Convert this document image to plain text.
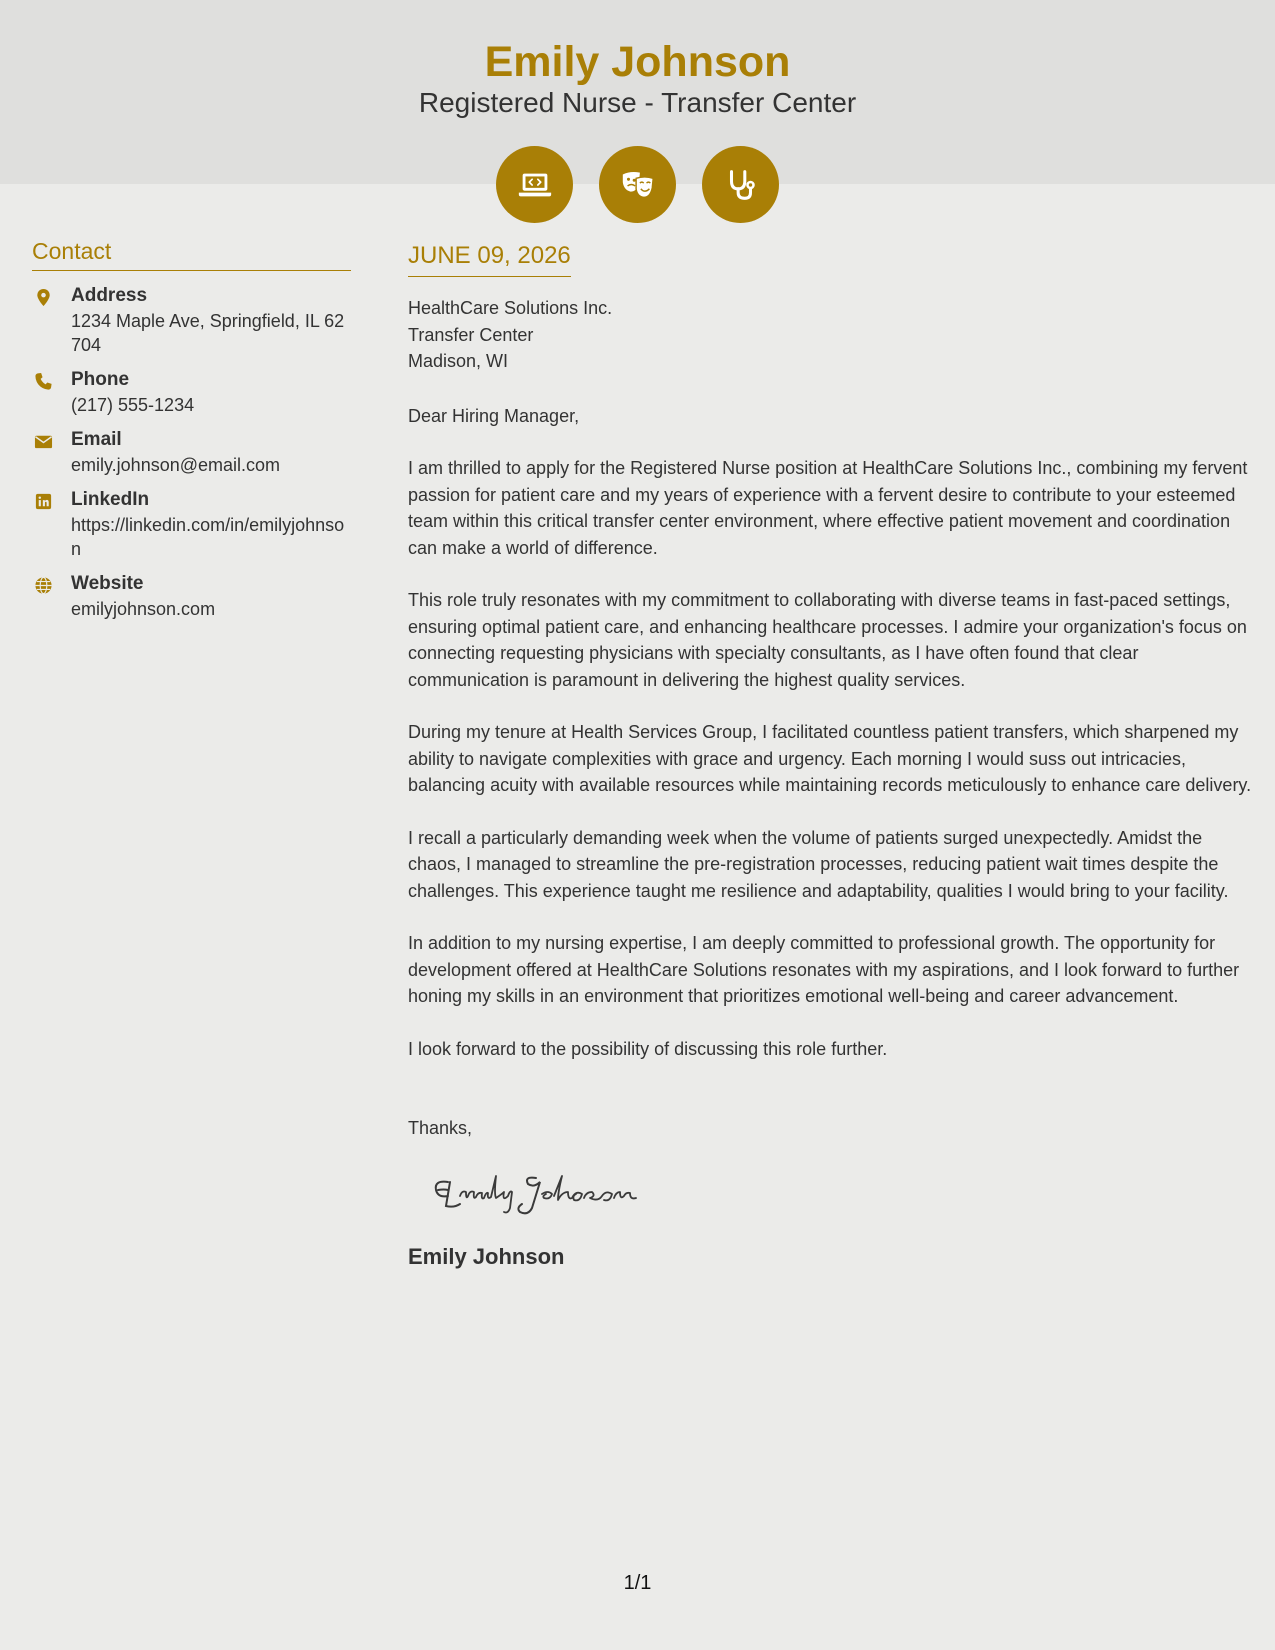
Emily Johnson
Registered Nurse - Transfer Center
Contact
Address
1234 Maple Ave, Springfield, IL 62704
Phone
(217) 555-1234
Email
emily.johnson@email.com
LinkedIn
https://linkedin.com/in/emilyjohnson
Website
emilyjohnson.com
JUNE 09, 2026
HealthCare Solutions Inc.
Transfer Center
Madison, WI
Dear Hiring Manager,
I am thrilled to apply for the Registered Nurse position at HealthCare Solutions Inc., combining my fervent passion for patient care and my years of experience with a fervent desire to contribute to your esteemed team within this critical transfer center environment, where effective patient movement and coordination can make a world of difference.
This role truly resonates with my commitment to collaborating with diverse teams in fast-paced settings, ensuring optimal patient care, and enhancing healthcare processes. I admire your organization's focus on connecting requesting physicians with specialty consultants, as I have often found that clear communication is paramount in delivering the highest quality services.
During my tenure at Health Services Group, I facilitated countless patient transfers, which sharpened my ability to navigate complexities with grace and urgency. Each morning I would suss out intricacies, balancing acuity with available resources while maintaining records meticulously to enhance care delivery.
I recall a particularly demanding week when the volume of patients surged unexpectedly. Amidst the chaos, I managed to streamline the pre-registration processes, reducing patient wait times despite the challenges. This experience taught me resilience and adaptability, qualities I would bring to your facility.
In addition to my nursing expertise, I am deeply committed to professional growth. The opportunity for development offered at HealthCare Solutions resonates with my aspirations, and I look forward to further honing my skills in an environment that prioritizes emotional well-being and career advancement.
I look forward to the possibility of discussing this role further.
Thanks,
Emily Johnson
1/1
